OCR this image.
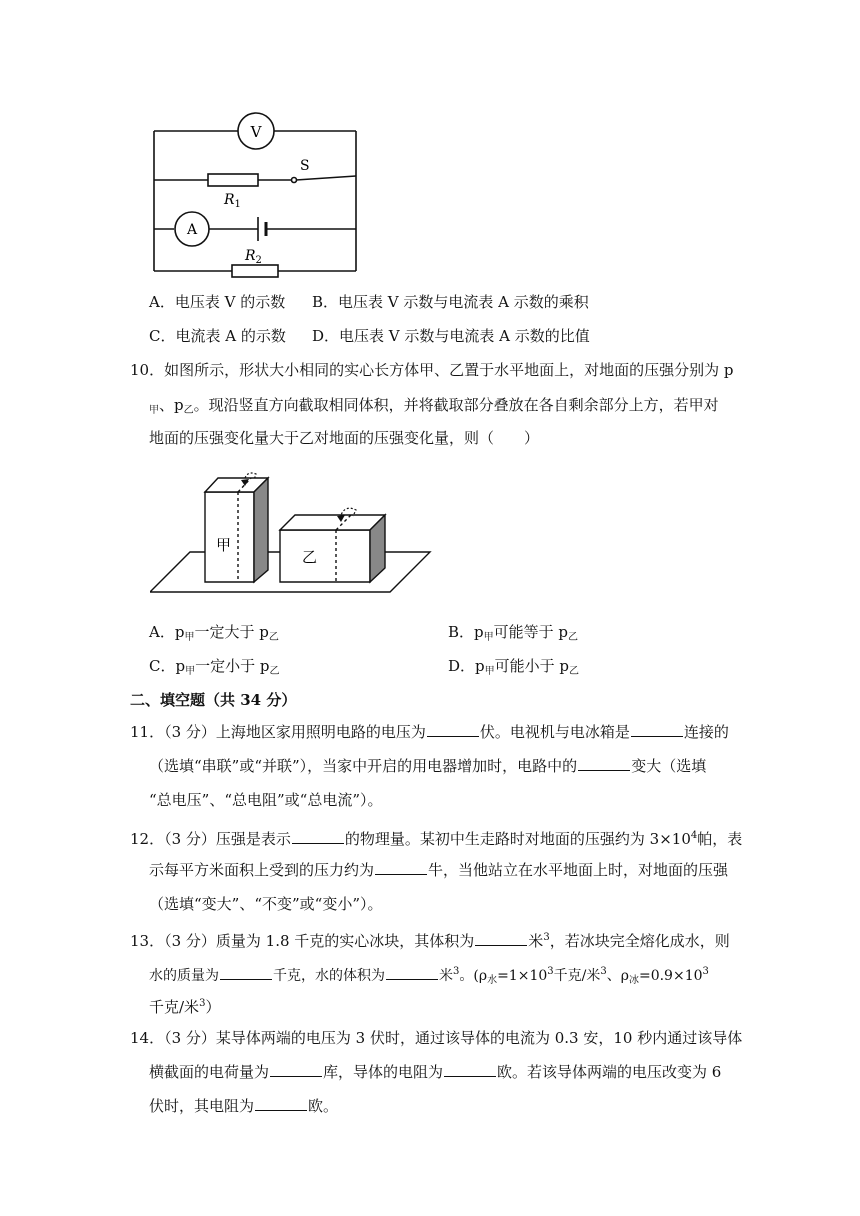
V
S
$R_1$
A
$R_2$
A．电压表 V 的示数 B．电压表 V 示数与电流表 A 示数的乘积
C．电流表 A 的示数 D．电压表 V 示数与电流表 A 示数的比值
10．如图所示，形状大小相同的实心长方体甲、乙置于水平地面上，对地面的压强分别为 p
$_甲$、$p_乙$。现沿竖直方向截取相同体积，并将截取部分叠放在各自剩余部分上方，若甲对
地面的压强变化量大于乙对地面的压强变化量，则（　　）
甲
乙
A．$p_甲$一定大于 $p_乙$	B．$p_甲$可能等于 $p_乙$
C．$p_甲$一定小于 $p_乙$	D．$p_甲$可能小于 $p_乙$
二、填空题（共 34 分）
11．（3 分）上海地区家用照明电路的电压为	伏。电视机与电冰箱是	连接的
（选填“串联”或“并联”），当家中开启的用电器增加时，电路中的	变大（选填
“总电压”、“总电阻”或“总电流”）。
12．（3 分）压强是表示	的物理量。某初中生走路时对地面的压强约为 $3\times 10^4$帕，表
示每平方米面积上受到的压力约为	牛，当他站立在水平地面上时，对地面的压强
（选填“变大”、“不变”或“变小”）。
13．（3 分）质量为 1.8 千克的实心冰块，其体积为	米$^3$，若冰块完全熔化成水，则
水的质量为	千克，水的体积为	米$^3$。($\rho_水=1\times 10^3$千克/米$^3$、$\rho_冰=0.9\times 10^3$
千克/米$^3$）
14．（3 分）某导体两端的电压为 3 伏时，通过该导体的电流为 0.3 安，10 秒内通过该导体
横截面的电荷量为	库，导体的电阻为	欧。若该导体两端的电压改变为 6
伏时，其电阻为	欧。
